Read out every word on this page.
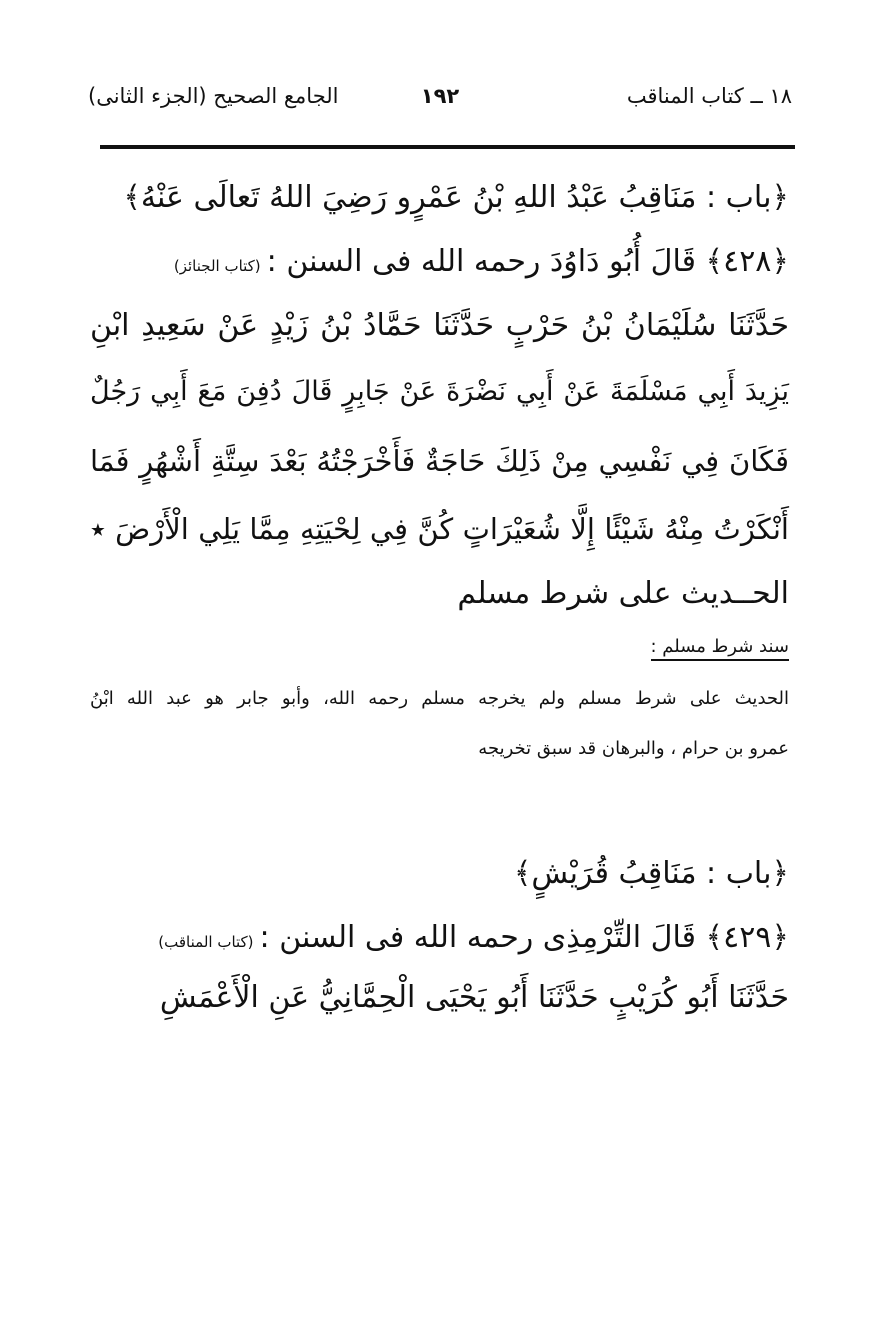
١٨ ــ كتاب المناقب
١٩٢
الجامع الصحيح (الجزء الثانى)
﴿باب : مَنَاقِبُ عَبْدُ اللهِ بْنُ عَمْرٍو رَضِيَ اللهُ تَعالَى عَنْهُ﴾
﴿٤٢٨﴾ قَالَ أُبُو دَاوُدَ رحمه الله فى السنن :(كتاب الجنائز)
حَدَّثَنَا سُلَيْمَانُ بْنُ حَرْبٍ حَدَّثَنَا حَمَّادُ بْنُ زَيْدٍ عَنْ سَعِيدِ ابْنِ
يَزِيدَ أَبِي مَسْلَمَةَ عَنْ أَبِي نَضْرَةَ عَنْ جَابِرٍ قَالَ دُفِنَ مَعَ أَبِي رَجُلٌ
فَكَانَ فِي نَفْسِي مِنْ ذَلِكَ حَاجَةٌ فَأَخْرَجْتُهُ بَعْدَ سِتَّةِ أَشْهُرٍ فَمَا
أَنْكَرْتُ مِنْهُ شَيْئًا إِلَّا شُعَيْرَاتٍ كُنَّ فِي لِحْيَتِهِ مِمَّا يَلِي الْأَرْضَ ٭
الحــديث على شرط مسلم
سند شرط مسلم :
الحديث على شرط مسلم ولم يخرجه مسلم رحمه الله، وأبو جابر هو عبد الله ابْنُ
عمرو بن حرام ، والبرهان قد سبق تخريجه
﴿باب : مَنَاقِبُ قُرَيْشٍ﴾
﴿٤٢٩﴾ قَالَ التِّرْمِذِى رحمه الله فى السنن :(كتاب المناقب)
حَدَّثَنَا أَبُو كُرَيْبٍ حَدَّثَنَا أَبُو يَحْيَى الْحِمَّانِيُّ عَنِ الْأَعْمَشِ
